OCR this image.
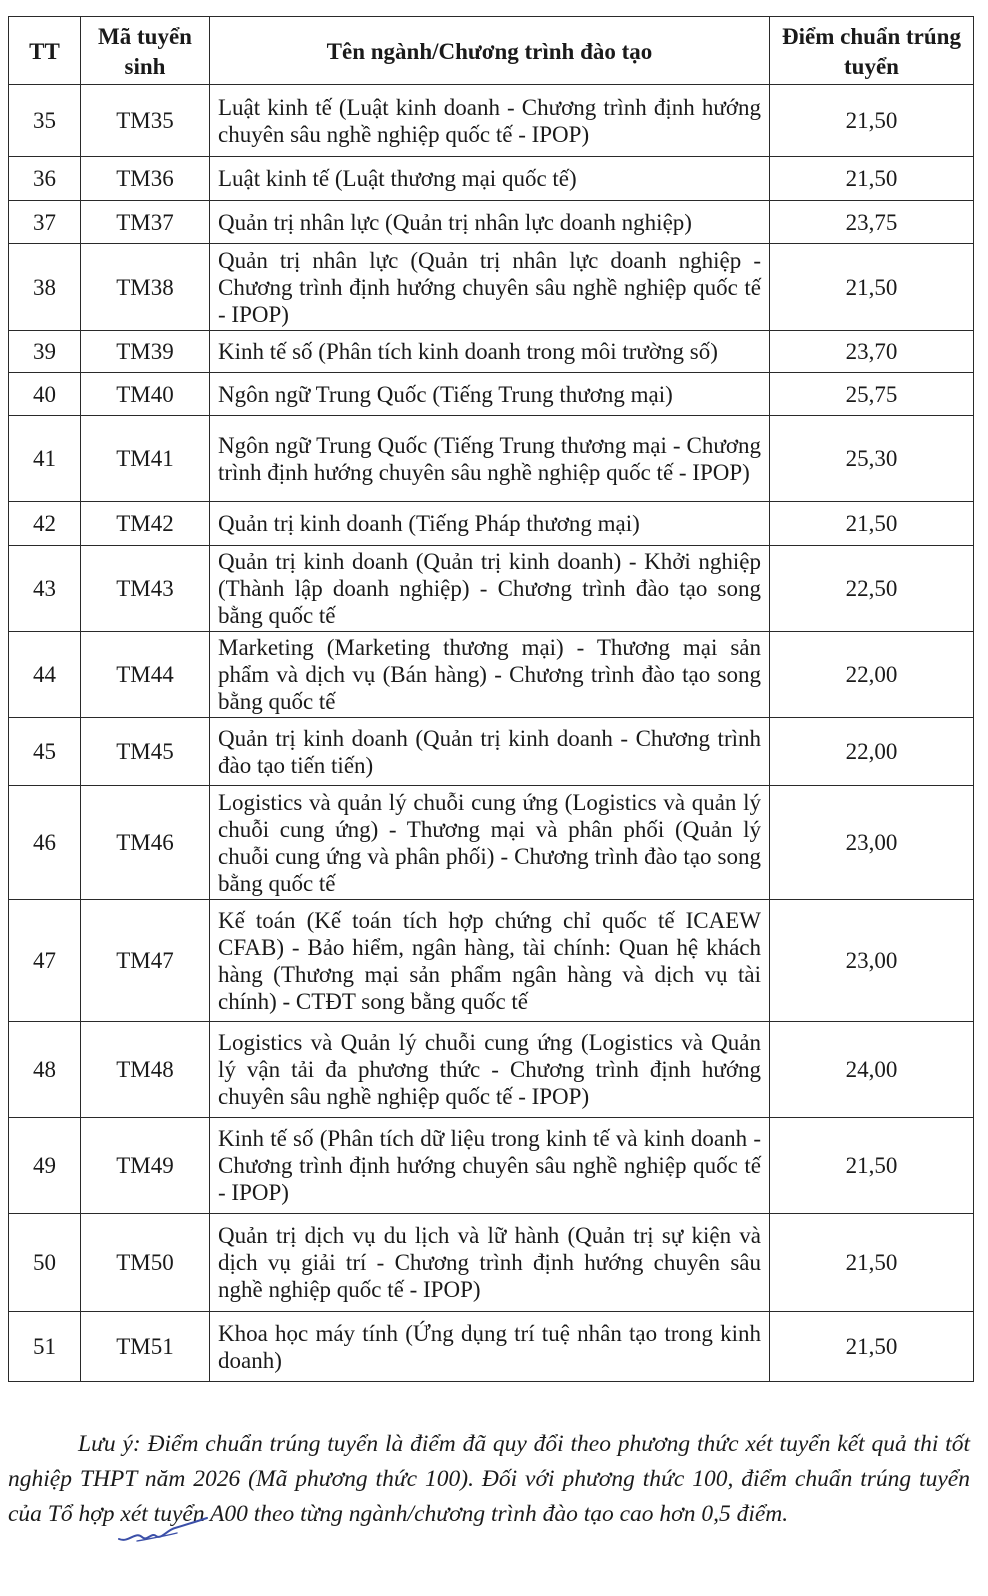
TT	Mã tuyển sinh	Tên ngành/Chương trình đào tạo	Điểm chuẩn trúng tuyển
35	TM35	Luật kinh tế (Luật kinh doanh - Chương trình định hướng chuyên sâu nghề nghiệp quốc tế - IPOP)	21,50
36	TM36	Luật kinh tế (Luật thương mại quốc tế)	21,50
37	TM37	Quản trị nhân lực (Quản trị nhân lực doanh nghiệp)	23,75
38	TM38	Quản trị nhân lực (Quản trị nhân lực doanh nghiệp - Chương trình định hướng chuyên sâu nghề nghiệp quốc tế - IPOP)	21,50
39	TM39	Kinh tế số (Phân tích kinh doanh trong môi trường số)	23,70
40	TM40	Ngôn ngữ Trung Quốc (Tiếng Trung thương mại)	25,75
41	TM41	Ngôn ngữ Trung Quốc (Tiếng Trung thương mại - Chương trình định hướng chuyên sâu nghề nghiệp quốc tế - IPOP)	25,30
42	TM42	Quản trị kinh doanh (Tiếng Pháp thương mại)	21,50
43	TM43	Quản trị kinh doanh (Quản trị kinh doanh) - Khởi nghiệp (Thành lập doanh nghiệp) - Chương trình đào tạo song bằng quốc tế	22,50
44	TM44	Marketing (Marketing thương mại) - Thương mại sản phẩm và dịch vụ (Bán hàng) - Chương trình đào tạo song bằng quốc tế	22,00
45	TM45	Quản trị kinh doanh (Quản trị kinh doanh - Chương trình đào tạo tiến tiến)	22,00
46	TM46	Logistics và quản lý chuỗi cung ứng (Logistics và quản lý chuỗi cung ứng) - Thương mại và phân phối (Quản lý chuỗi cung ứng và phân phối) - Chương trình đào tạo song bằng quốc tế	23,00
47	TM47	Kế toán (Kế toán tích hợp chứng chỉ quốc tế ICAEW CFAB) - Bảo hiểm, ngân hàng, tài chính: Quan hệ khách hàng (Thương mại sản phẩm ngân hàng và dịch vụ tài chính) - CTĐT song bằng quốc tế	23,00
48	TM48	Logistics và Quản lý chuỗi cung ứng (Logistics và Quản lý vận tải đa phương thức - Chương trình định hướng chuyên sâu nghề nghiệp quốc tế - IPOP)	24,00
49	TM49	Kinh tế số (Phân tích dữ liệu trong kinh tế và kinh doanh - Chương trình định hướng chuyên sâu nghề nghiệp quốc tế - IPOP)	21,50
50	TM50	Quản trị dịch vụ du lịch và lữ hành (Quản trị sự kiện và dịch vụ giải trí - Chương trình định hướng chuyên sâu nghề nghiệp quốc tế - IPOP)	21,50
51	TM51	Khoa học máy tính (Ứng dụng trí tuệ nhân tạo trong kinh doanh)	21,50

Lưu ý: Điểm chuẩn trúng tuyển là điểm đã quy đổi theo phương thức xét tuyển kết quả thi tốt nghiệp THPT năm 2026 (Mã phương thức 100). Đối với phương thức 100, điểm chuẩn trúng tuyển của Tổ hợp xét tuyển A00 theo từng ngành/chương trình đào tạo cao hơn 0,5 điểm.
